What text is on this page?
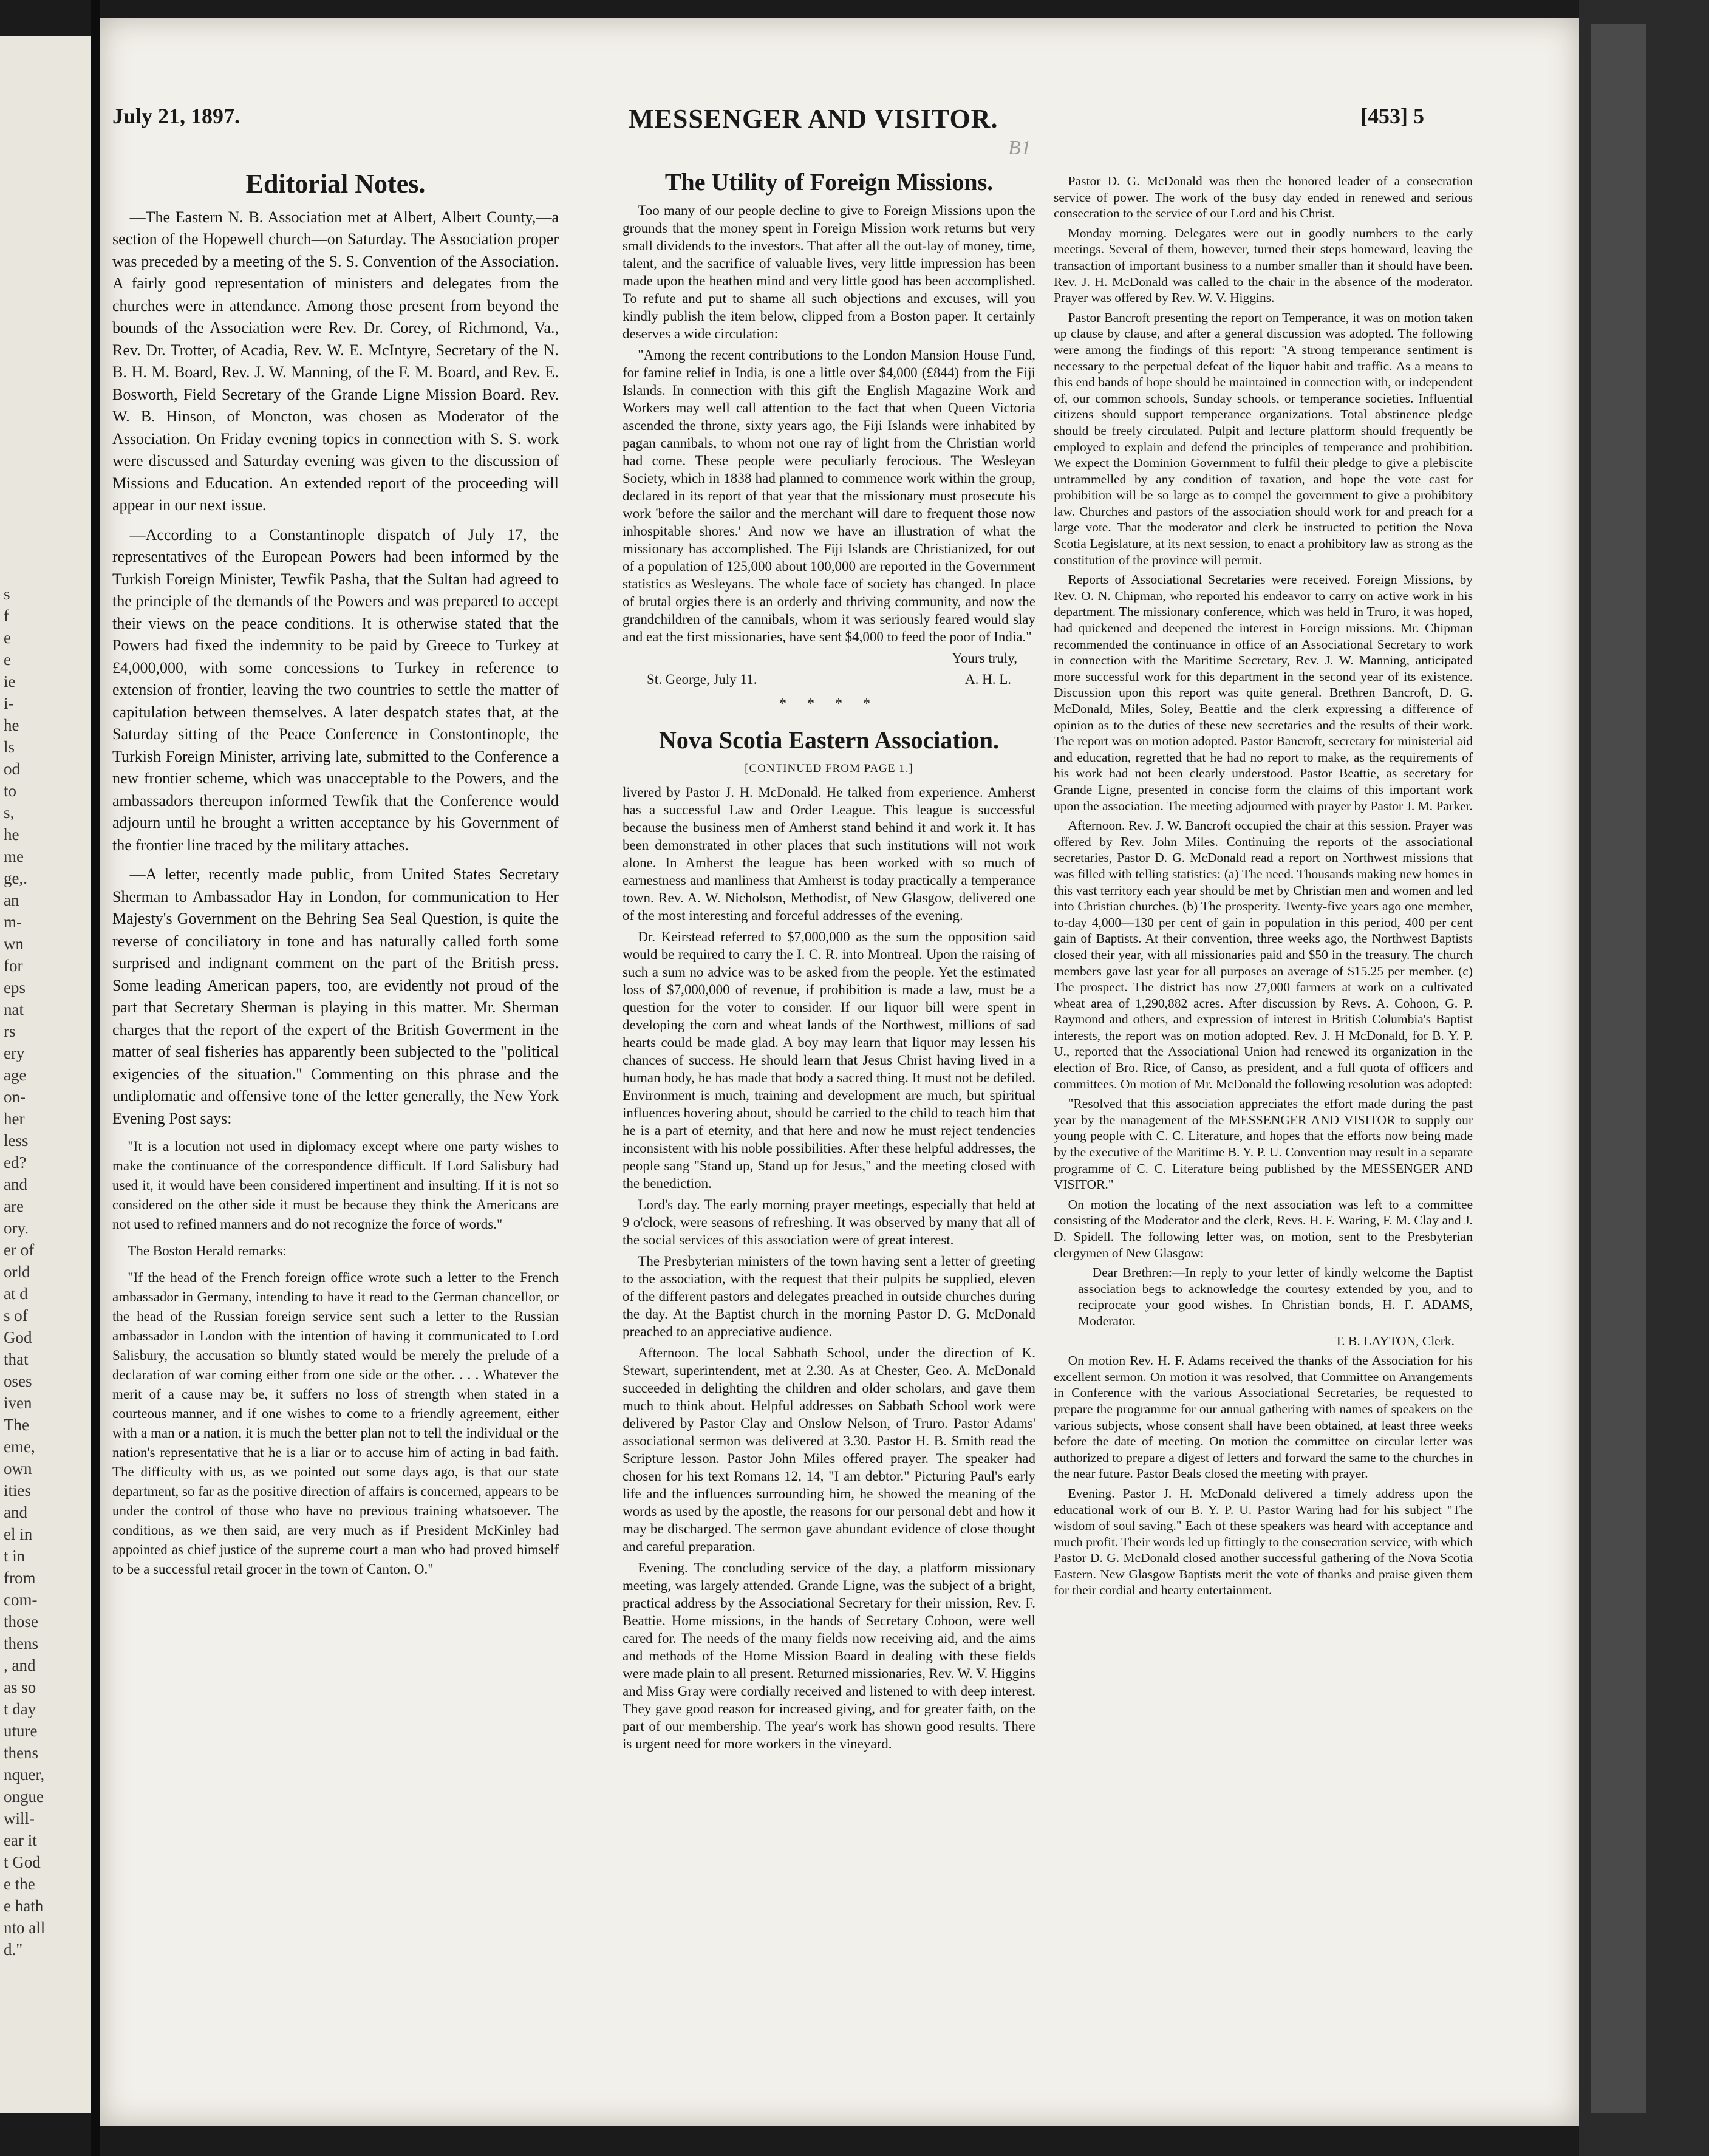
s
f
e
e
ie
i-
he
ls
od
to
s,
he
me
ge,.
an
m-
wn
for
eps
nat
rs
ery
age
on-
her
less
ed?
and
are
ory.
er of
orld
at d
s of
God
that
oses
iven
The
eme,
own
ities
and
el in
t in
from
com-
those
thens
, and
as so
t day
uture
thens
nquer,
ongue
will-
ear it
t God
e the
e hath
nto all
d."
July 21, 1897.	MESSENGER AND VISITOR.	[453] 5
B1
Editorial Notes.

—The Eastern N. B. Association met at Albert, Albert County,—a section of the Hopewell church—on Saturday. The Association proper was preceded by a meeting of the S. S. Convention of the Association. A fairly good representation of ministers and delegates from the churches were in attendance. Among those present from beyond the bounds of the Association were Rev. Dr. Corey, of Richmond, Va., Rev. Dr. Trotter, of Acadia, Rev. W. E. McIntyre, Secretary of the N. B. H. M. Board, Rev. J. W. Manning, of the F. M. Board, and Rev. E. Bosworth, Field Secretary of the Grande Ligne Mission Board. Rev. W. B. Hinson, of Moncton, was chosen as Moderator of the Association. On Friday evening topics in connection with S. S. work were discussed and Saturday evening was given to the discussion of Missions and Education. An extended report of the proceeding will appear in our next issue.

—According to a Constantinople dispatch of July 17, the representatives of the European Powers had been informed by the Turkish Foreign Minister, Tewfik Pasha, that the Sultan had agreed to the principle of the demands of the Powers and was prepared to accept their views on the peace conditions. It is otherwise stated that the Powers had fixed the indemnity to be paid by Greece to Turkey at £4,000,000, with some concessions to Turkey in reference to extension of frontier, leaving the two countries to settle the matter of capitulation between themselves. A later despatch states that, at the Saturday sitting of the Peace Conference in Constontinople, the Turkish Foreign Minister, arriving late, submitted to the Conference a new frontier scheme, which was unacceptable to the Powers, and the ambassadors thereupon informed Tewfik that the Conference would adjourn until he brought a written acceptance by his Government of the frontier line traced by the military attaches.

—A letter, recently made public, from United States Secretary Sherman to Ambassador Hay in London, for communication to Her Majesty's Government on the Behring Sea Seal Question, is quite the reverse of conciliatory in tone and has naturally called forth some surprised and indignant comment on the part of the British press. Some leading American papers, too, are evidently not proud of the part that Secretary Sherman is playing in this matter. Mr. Sherman charges that the report of the expert of the British Goverment in the matter of seal fisheries has apparently been subjected to the "political exigencies of the situation." Commenting on this phrase and the undiplomatic and offensive tone of the letter generally, the New York Evening Post says:

"It is a locution not used in diplomacy except where one party wishes to make the continuance of the correspondence difficult. If Lord Salisbury had used it, it would have been considered impertinent and insulting. If it is not so considered on the other side it must be because they think the Americans are not used to refined manners and do not recognize the force of words."

The Boston Herald remarks:

"If the head of the French foreign office wrote such a letter to the French ambassador in Germany, intending to have it read to the German chancellor, or the head of the Russian foreign service sent such a letter to the Russian ambassador in London with the intention of having it communicated to Lord Salisbury, the accusation so bluntly stated would be merely the prelude of a declaration of war coming either from one side or the other. . . . Whatever the merit of a cause may be, it suffers no loss of strength when stated in a courteous manner, and if one wishes to come to a friendly agreement, either with a man or a nation, it is much the better plan not to tell the individual or the nation's representative that he is a liar or to accuse him of acting in bad faith. The difficulty with us, as we pointed out some days ago, is that our state department, so far as the positive direction of affairs is concerned, appears to be under the control of those who have no previous training whatsoever. The conditions, as we then said, are very much as if President McKinley had appointed as chief justice of the supreme court a man who had proved himself to be a successful retail grocer in the town of Canton, O."

The Utility of Foreign Missions.

Too many of our people decline to give to Foreign Missions upon the grounds that the money spent in Foreign Mission work returns but very small dividends to the investors. That after all the out-lay of money, time, talent, and the sacrifice of valuable lives, very little impression has been made upon the heathen mind and very little good has been accomplished. To refute and put to shame all such objections and excuses, will you kindly publish the item below, clipped from a Boston paper. It certainly deserves a wide circulation:

"Among the recent contributions to the London Mansion House Fund, for famine relief in India, is one a little over $4,000 (£844) from the Fiji Islands. In connection with this gift the English Magazine Work and Workers may well call attention to the fact that when Queen Victoria ascended the throne, sixty years ago, the Fiji Islands were inhabited by pagan cannibals, to whom not one ray of light from the Christian world had come. These people were peculiarly ferocious. The Wesleyan Society, which in 1838 had planned to commence work within the group, declared in its report of that year that the missionary must prosecute his work 'before the sailor and the merchant will dare to frequent those now inhospitable shores.' And now we have an illustration of what the missionary has accomplished. The Fiji Islands are Christianized, for out of a population of 125,000 about 100,000 are reported in the Government statistics as Wesleyans. The whole face of society has changed. In place of brutal orgies there is an orderly and thriving community, and now the grandchildren of the cannibals, whom it was seriously feared would slay and eat the first missionaries, have sent $4,000 to feed the poor of India."

Yours truly,

St. George, July 11.	A. H. L.
* * * *
Nova Scotia Eastern Association.
[CONTINUED FROM PAGE 1.]

livered by Pastor J. H. McDonald. He talked from experience. Amherst has a successful Law and Order League. This league is successful because the business men of Amherst stand behind it and work it. It has been demonstrated in other places that such institutions will not work alone. In Amherst the league has been worked with so much of earnestness and manliness that Amherst is today practically a temperance town. Rev. A. W. Nicholson, Methodist, of New Glasgow, delivered one of the most interesting and forceful addresses of the evening.

Dr. Keirstead referred to $7,000,000 as the sum the opposition said would be required to carry the I. C. R. into Montreal. Upon the raising of such a sum no advice was to be asked from the people. Yet the estimated loss of $7,000,000 of revenue, if prohibition is made a law, must be a question for the voter to consider. If our liquor bill were spent in developing the corn and wheat lands of the Northwest, millions of sad hearts could be made glad. A boy may learn that liquor may lessen his chances of success. He should learn that Jesus Christ having lived in a human body, he has made that body a sacred thing. It must not be defiled. Environment is much, training and development are much, but spiritual influences hovering about, should be carried to the child to teach him that he is a part of eternity, and that here and now he must reject tendencies inconsistent with his noble possibilities. After these helpful addresses, the people sang "Stand up, Stand up for Jesus," and the meeting closed with the benediction.

Lord's day. The early morning prayer meetings, especially that held at 9 o'clock, were seasons of refreshing. It was observed by many that all of the social services of this association were of great interest.

The Presbyterian ministers of the town having sent a letter of greeting to the association, with the request that their pulpits be supplied, eleven of the different pastors and delegates preached in outside churches during the day. At the Baptist church in the morning Pastor D. G. McDonald preached to an appreciative audience.

Afternoon. The local Sabbath School, under the direction of K. Stewart, superintendent, met at 2.30. As at Chester, Geo. A. McDonald succeeded in delighting the children and older scholars, and gave them much to think about. Helpful addresses on Sabbath School work were delivered by Pastor Clay and Onslow Nelson, of Truro. Pastor Adams' associational sermon was delivered at 3.30. Pastor H. B. Smith read the Scripture lesson. Pastor John Miles offered prayer. The speaker had chosen for his text Romans 12, 14, "I am debtor." Picturing Paul's early life and the influences surrounding him, he showed the meaning of the words as used by the apostle, the reasons for our personal debt and how it may be discharged. The sermon gave abundant evidence of close thought and careful preparation.

Evening. The concluding service of the day, a platform missionary meeting, was largely attended. Grande Ligne, was the subject of a bright, practical address by the Associational Secretary for their mission, Rev. F. Beattie. Home missions, in the hands of Secretary Cohoon, were well cared for. The needs of the many fields now receiving aid, and the aims and methods of the Home Mission Board in dealing with these fields were made plain to all present. Returned missionaries, Rev. W. V. Higgins and Miss Gray were cordially received and listened to with deep interest. They gave good reason for increased giving, and for greater faith, on the part of our membership. The year's work has shown good results. There is urgent need for more workers in the vineyard.

Pastor D. G. McDonald was then the honored leader of a consecration service of power. The work of the busy day ended in renewed and serious consecration to the service of our Lord and his Christ.

Monday morning. Delegates were out in goodly numbers to the early meetings. Several of them, however, turned their steps homeward, leaving the transaction of important business to a number smaller than it should have been. Rev. J. H. McDonald was called to the chair in the absence of the moderator. Prayer was offered by Rev. W. V. Higgins.

Pastor Bancroft presenting the report on Temperance, it was on motion taken up clause by clause, and after a general discussion was adopted. The following were among the findings of this report: "A strong temperance sentiment is necessary to the perpetual defeat of the liquor habit and traffic. As a means to this end bands of hope should be maintained in connection with, or independent of, our common schools, Sunday schools, or temperance societies. Influential citizens should support temperance organizations. Total abstinence pledge should be freely circulated. Pulpit and lecture platform should frequently be employed to explain and defend the principles of temperance and prohibition. We expect the Dominion Government to fulfil their pledge to give a plebiscite untrammelled by any condition of taxation, and hope the vote cast for prohibition will be so large as to compel the government to give a prohibitory law. Churches and pastors of the association should work for and preach for a large vote. That the moderator and clerk be instructed to petition the Nova Scotia Legislature, at its next session, to enact a prohibitory law as strong as the constitution of the province will permit.

Reports of Associational Secretaries were received. Foreign Missions, by Rev. O. N. Chipman, who reported his endeavor to carry on active work in his department. The missionary conference, which was held in Truro, it was hoped, had quickened and deepened the interest in Foreign missions. Mr. Chipman recommended the continuance in office of an Associational Secretary to work in connection with the Maritime Secretary, Rev. J. W. Manning, anticipated more successful work for this department in the second year of its existence. Discussion upon this report was quite general. Brethren Bancroft, D. G. McDonald, Miles, Soley, Beattie and the clerk expressing a difference of opinion as to the duties of these new secretaries and the results of their work. The report was on motion adopted. Pastor Bancroft, secretary for ministerial aid and education, regretted that he had no report to make, as the requirements of his work had not been clearly understood. Pastor Beattie, as secretary for Grande Ligne, presented in concise form the claims of this important work upon the association. The meeting adjourned with prayer by Pastor J. M. Parker.

Afternoon. Rev. J. W. Bancroft occupied the chair at this session. Prayer was offered by Rev. John Miles. Continuing the reports of the associational secretaries, Pastor D. G. McDonald read a report on Northwest missions that was filled with telling statistics: (a) The need. Thousands making new homes in this vast territory each year should be met by Christian men and women and led into Christian churches. (b) The prosperity. Twenty-five years ago one member, to-day 4,000—130 per cent of gain in population in this period, 400 per cent gain of Baptists. At their convention, three weeks ago, the Northwest Baptists closed their year, with all missionaries paid and $50 in the treasury. The church members gave last year for all purposes an average of $15.25 per member. (c) The prospect. The district has now 27,000 farmers at work on a cultivated wheat area of 1,290,882 acres. After discussion by Revs. A. Cohoon, G. P. Raymond and others, and expression of interest in British Columbia's Baptist interests, the report was on motion adopted. Rev. J. H McDonald, for B. Y. P. U., reported that the Associational Union had renewed its organization in the election of Bro. Rice, of Canso, as president, and a full quota of officers and committees. On motion of Mr. McDonald the following resolution was adopted:

"Resolved that this association appreciates the effort made during the past year by the management of the MESSENGER AND VISITOR to supply our young people with C. C. Literature, and hopes that the efforts now being made by the executive of the Maritime B. Y. P. U. Convention may result in a separate programme of C. C. Literature being published by the MESSENGER AND VISITOR."

On motion the locating of the next association was left to a committee consisting of the Moderator and the clerk, Revs. H. F. Waring, F. M. Clay and J. D. Spidell. The following letter was, on motion, sent to the Presbyterian clergymen of New Glasgow:

Dear Brethren:—In reply to your letter of kindly welcome the Baptist association begs to acknowledge the courtesy extended by you, and to reciprocate your good wishes. In Christian bonds, H. F. ADAMS, Moderator.

T. B. LAYTON, Clerk.

On motion Rev. H. F. Adams received the thanks of the Association for his excellent sermon. On motion it was resolved, that Committee on Arrangements in Conference with the various Associational Secretaries, be requested to prepare the programme for our annual gathering with names of speakers on the various subjects, whose consent shall have been obtained, at least three weeks before the date of meeting. On motion the committee on circular letter was authorized to prepare a digest of letters and forward the same to the churches in the near future. Pastor Beals closed the meeting with prayer.

Evening. Pastor J. H. McDonald delivered a timely address upon the educational work of our B. Y. P. U. Pastor Waring had for his subject "The wisdom of soul saving." Each of these speakers was heard with acceptance and much profit. Their words led up fittingly to the consecration service, with which Pastor D. G. McDonald closed another successful gathering of the Nova Scotia Eastern. New Glasgow Baptists merit the vote of thanks and praise given them for their cordial and hearty entertainment.
